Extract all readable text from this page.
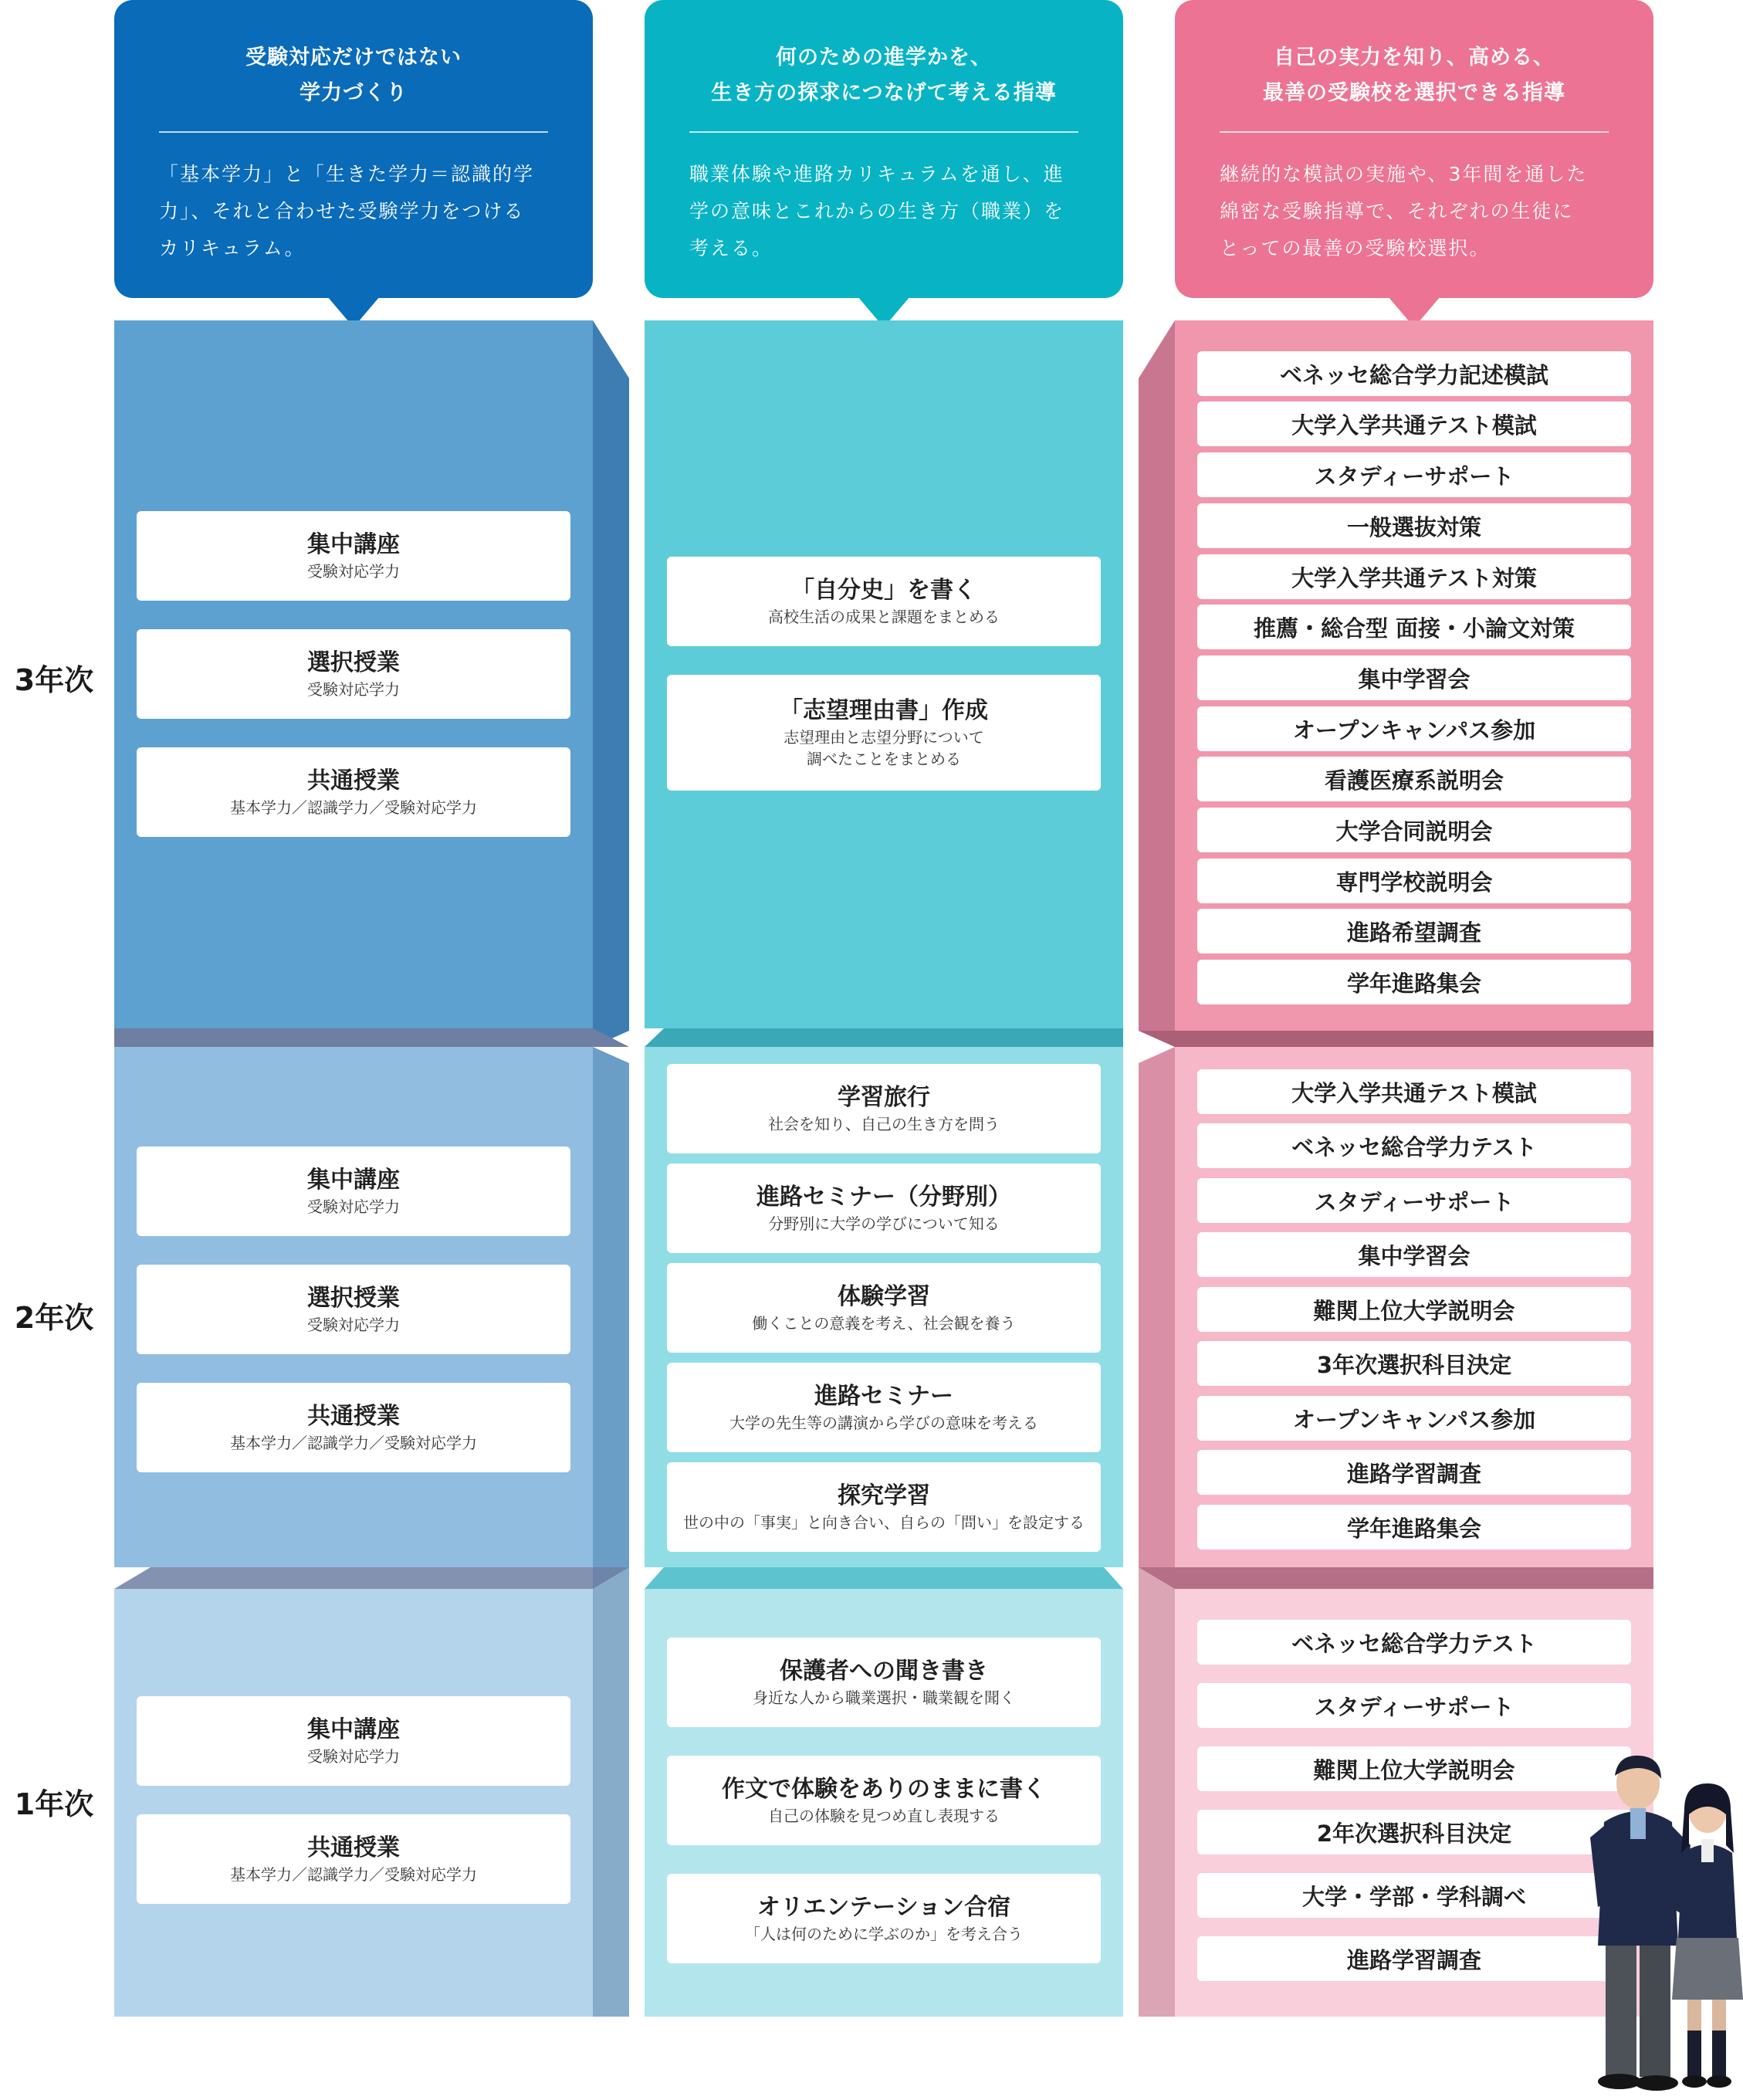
受験対応だけではない
学力づくり
「基本学力」と「生きた学力＝認識的学
力」、それと合わせた受験学力をつける
カリキュラム。
何のための進学かを、
生き方の探求につなげて考える指導
職業体験や進路カリキュラムを通し、進
学の意味とこれからの生き方（職業）を
考える。
自己の実力を知り、高める、
最善の受験校を選択できる指導
継続的な模試の実施や、3年間を通した
綿密な受験指導で、それぞれの生徒に
とっての最善の受験校選択。
3年次
2年次
1年次
集中講座
受験対応学力
選択授業
受験対応学力
共通授業
基本学力／認識学力／受験対応学力
集中講座
受験対応学力
選択授業
受験対応学力
共通授業
基本学力／認識学力／受験対応学力
集中講座
受験対応学力
共通授業
基本学力／認識学力／受験対応学力
「自分史」を書く
高校生活の成果と課題をまとめる
「志望理由書」作成
志望理由と志望分野について
調べたことをまとめる
学習旅行
社会を知り、自己の生き方を問う
進路セミナー（分野別）
分野別に大学の学びについて知る
体験学習
働くことの意義を考え、社会観を養う
進路セミナー
大学の先生等の講演から学びの意味を考える
探究学習
世の中の「事実」と向き合い、自らの「問い」を設定する
保護者への聞き書き
身近な人から職業選択・職業観を聞く
作文で体験をありのままに書く
自己の体験を見つめ直し表現する
オリエンテーション合宿
「人は何のために学ぶのか」を考え合う
ベネッセ総合学力記述模試
大学入学共通テスト模試
スタディーサポート
一般選抜対策
大学入学共通テスト対策
推薦・総合型 面接・小論文対策
集中学習会
オープンキャンパス参加
看護医療系説明会
大学合同説明会
専門学校説明会
進路希望調査
学年進路集会
大学入学共通テスト模試
ベネッセ総合学力テスト
スタディーサポート
集中学習会
難関上位大学説明会
3年次選択科目決定
オープンキャンパス参加
進路学習調査
学年進路集会
ベネッセ総合学力テスト
スタディーサポート
難関上位大学説明会
2年次選択科目決定
大学・学部・学科調べ
進路学習調査
